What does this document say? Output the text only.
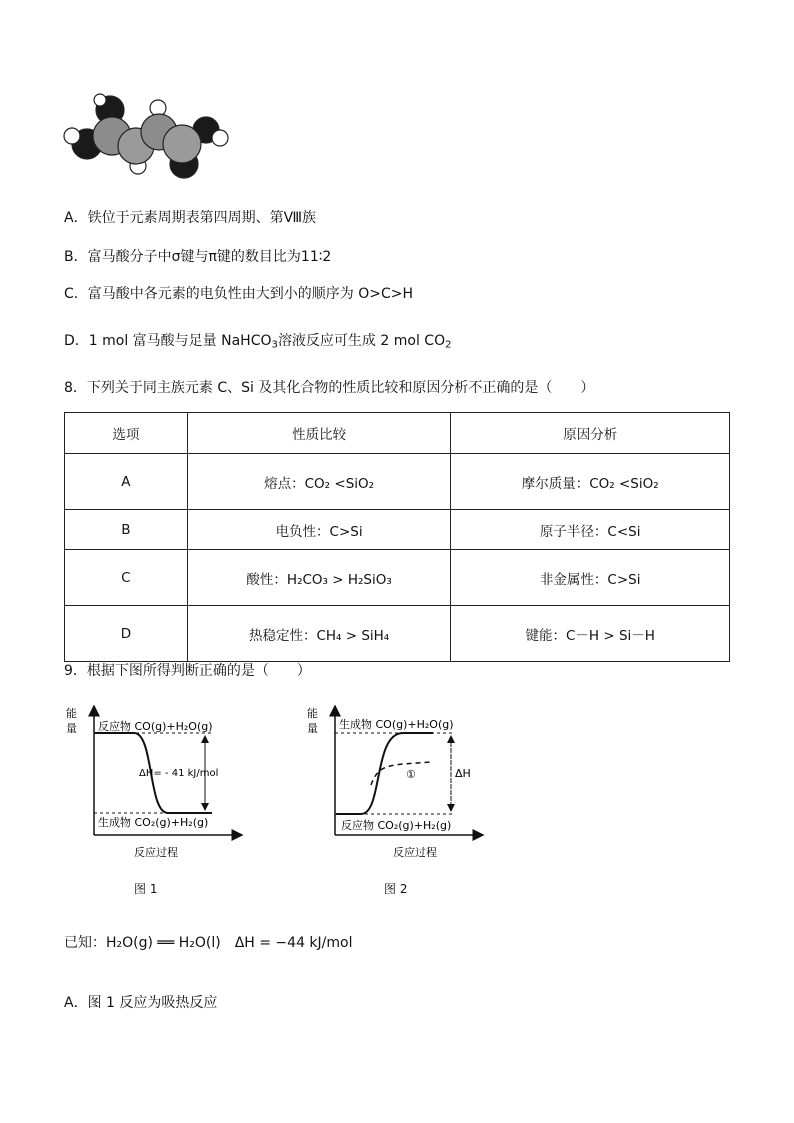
A．铁位于元素周期表第四周期、第Ⅷ族
B．富马酸分子中σ键与π键的数目比为11∶2
C．富马酸中各元素的电负性由大到小的顺序为 O>C>H
D．1 mol 富马酸与足量 NaHCO$_3$溶液反应可生成 2 mol $CO_2$
8．下列关于同主族元素 C、Si 及其化合物的性质比较和原因分析不正确的是（　　）
选项	性质比较	原因分析
A	熔点：CO₂ <SiO₂	摩尔质量：CO₂ <SiO₂
B	电负性：C>Si	原子半径：C<Si
C	酸性：H₂CO₃ > H₂SiO₃	非金属性：C>Si
D	热稳定性：CH₄ > SiH₄	键能：C－H > Si－H
9．根据下图所得判断正确的是（　　）
能
量 反应物 CO(g)+H₂O(g)
生成物 CO₂(g)+H₂(g)
ΔH= - 41 kJ/mol
反应过程
图 1
能
量 生成物 CO(g)+H₂O(g)
反应物 CO₂(g)+H₂(g)
ΔH
①
反应过程
图 2
已知：H₂O(g) ══ H₂O(l)　ΔH = −44 kJ/mol
A．图 1 反应为吸热反应
